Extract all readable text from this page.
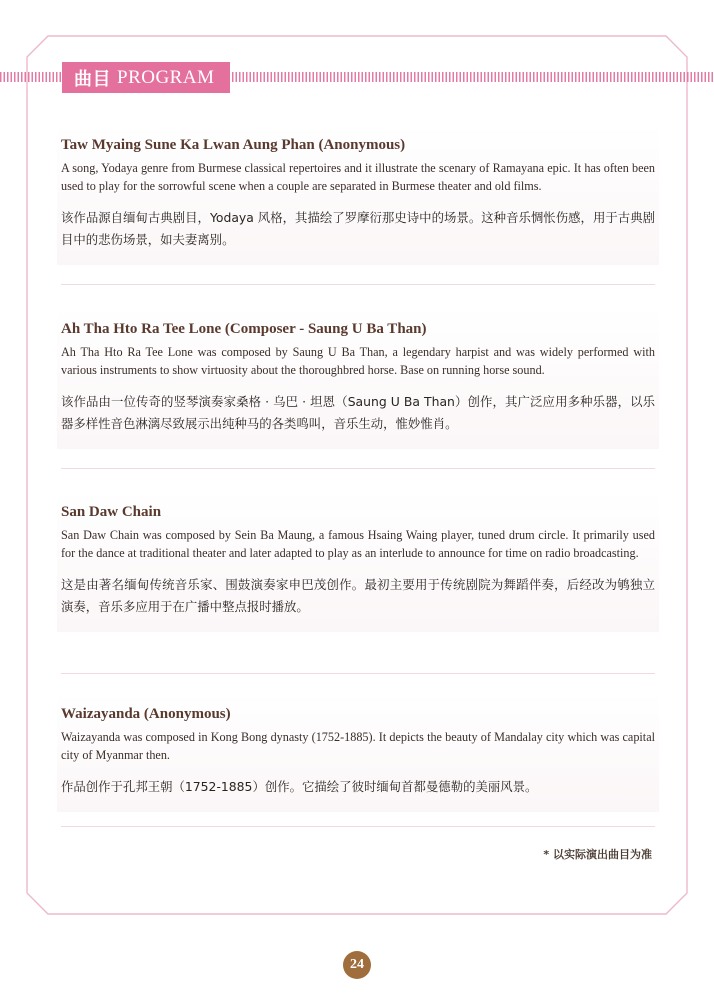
曲目 PROGRAM
Taw Myaing Sune Ka Lwan Aung Phan (Anonymous)

A song, Yodaya genre from Burmese classical repertoires and it illustrate the scenary of Ramayana epic. It has often been used to play for the sorrowful scene when a couple are separated in Burmese theater and old films.

该作品源自缅甸古典剧目，Yodaya 风格，其描绘了罗摩衍那史诗中的场景。这种音乐惆怅伤感，用于古典剧目中的悲伤场景，如夫妻离别。

Ah Tha Hto Ra Tee Lone (Composer - Saung U Ba Than)

Ah Tha Hto Ra Tee Lone was composed by Saung U Ba Than, a legendary harpist and was widely performed with various instruments to show virtuosity about the thoroughbred horse. Base on running horse sound.

该作品由一位传奇的竖琴演奏家桑格 · 乌巴 · 坦恩（Saung U Ba Than）创作，其广泛应用多种乐器，以乐器多样性音色淋漓尽致展示出纯种马的各类鸣叫，音乐生动，惟妙惟肖。

San Daw Chain

San Daw Chain was composed by Sein Ba Maung, a famous Hsaing Waing player, tuned drum circle. It primarily used for the dance at traditional theater and later adapted to play as an interlude to announce for time on radio broadcasting.

这是由著名缅甸传统音乐家、围鼓演奏家申巴茂创作。最初主要用于传统剧院为舞蹈伴奏，后经改为鸲独立演奏，音乐多应用于在广播中整点报时播放。

Waizayanda (Anonymous)

Waizayanda was composed in Kong Bong dynasty (1752-1885). It depicts the beauty of Mandalay city which was capital city of Myanmar then.

作品创作于孔邦王朝（1752-1885）创作。它描绘了彼时缅甸首都曼德勒的美丽风景。

* 以实际演出曲目为准
24
